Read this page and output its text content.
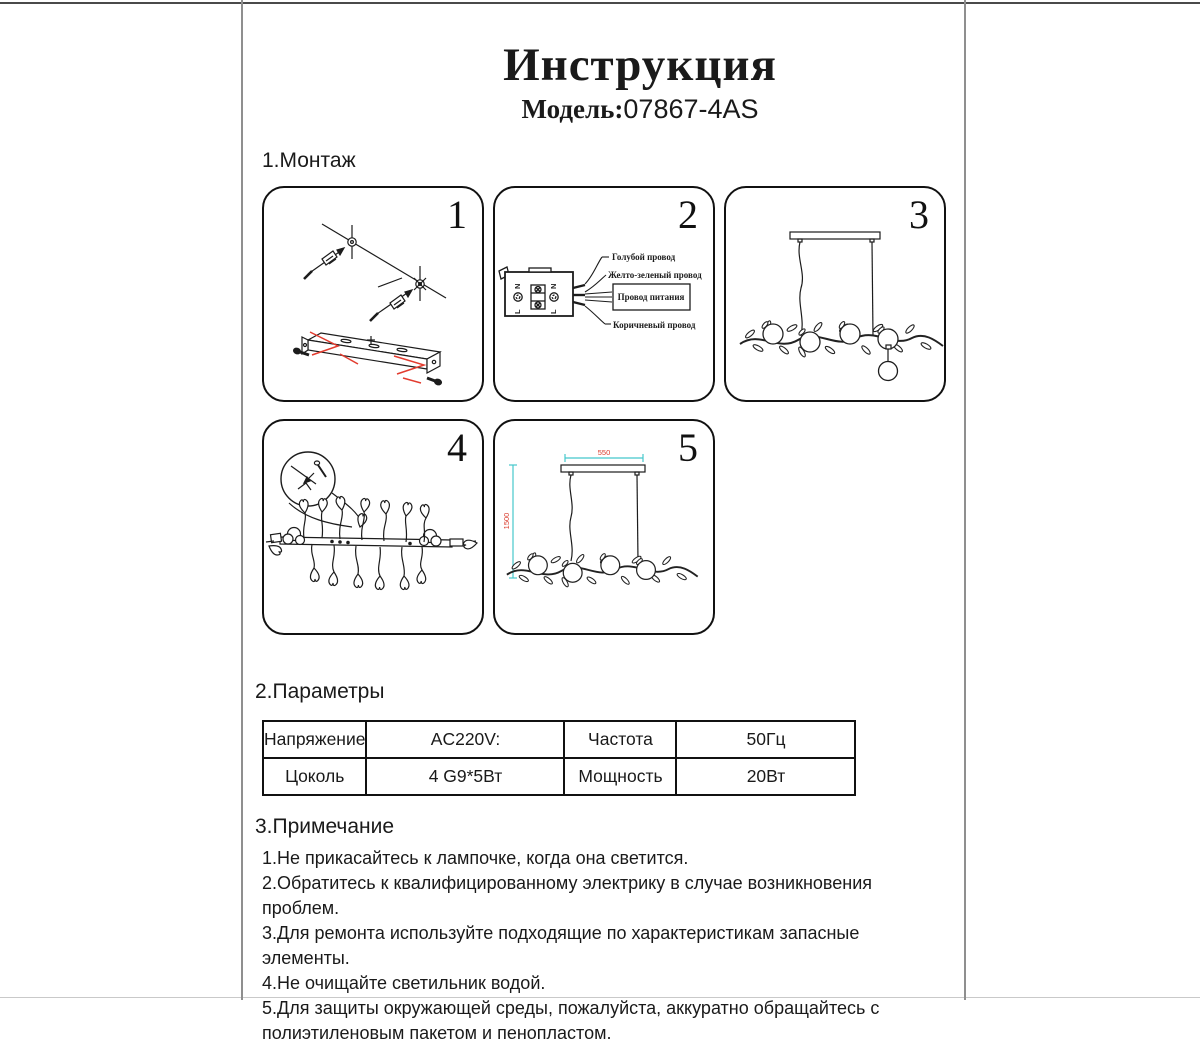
Инструкция
Модель:07867-4AS
1.Монтаж
1
Голубой провод
Желто-зеленый провод
Провод питания
Коричневый провод
N
L
N
L
2	3
4	550
1500
5
2.Параметры
Напряжение	AC220V:	Частота	50Гц
Цоколь	4 G9*5Вт	Мощность	20Вт
3.Примечание
1.Не прикасайтесь к лампочке, когда она светится.
2.Обратитесь к квалифицированному электрику в случае возникновения проблем.
3.Для ремонта используйте подходящие по характеристикам запасные элементы.
4.Не очищайте светильник водой.
5.Для защиты окружающей среды, пожалуйста, аккуратно обращайтесь с полиэтиленовым пакетом и пенопластом.
